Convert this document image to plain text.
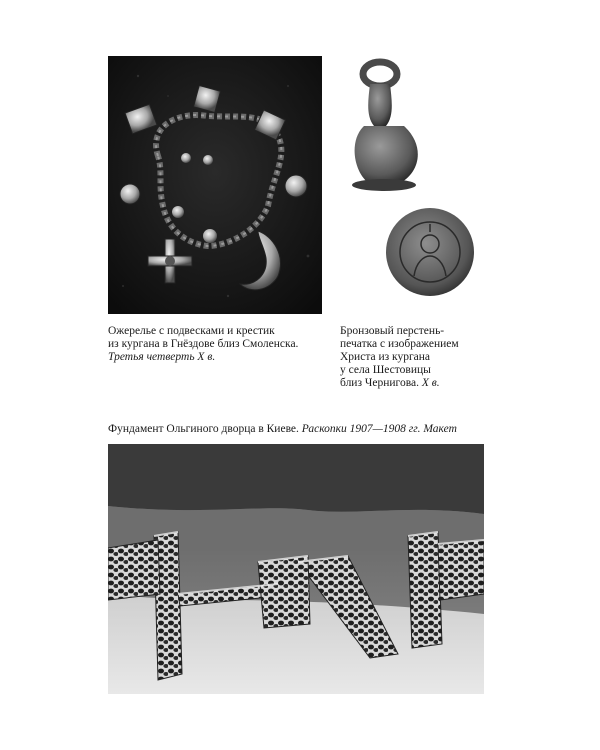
Ожерелье с подвесками и крестик
из кургана в Гнёздове близ Смоленска.
Третья четверть X в.
Бронзовый перстень-
печатка с изображением
Христа из кургана
у села Шестовицы
близ Чернигова. X в.
Фундамент Ольгиного дворца в Киеве. Раскопки 1907—1908 гг. Макет
